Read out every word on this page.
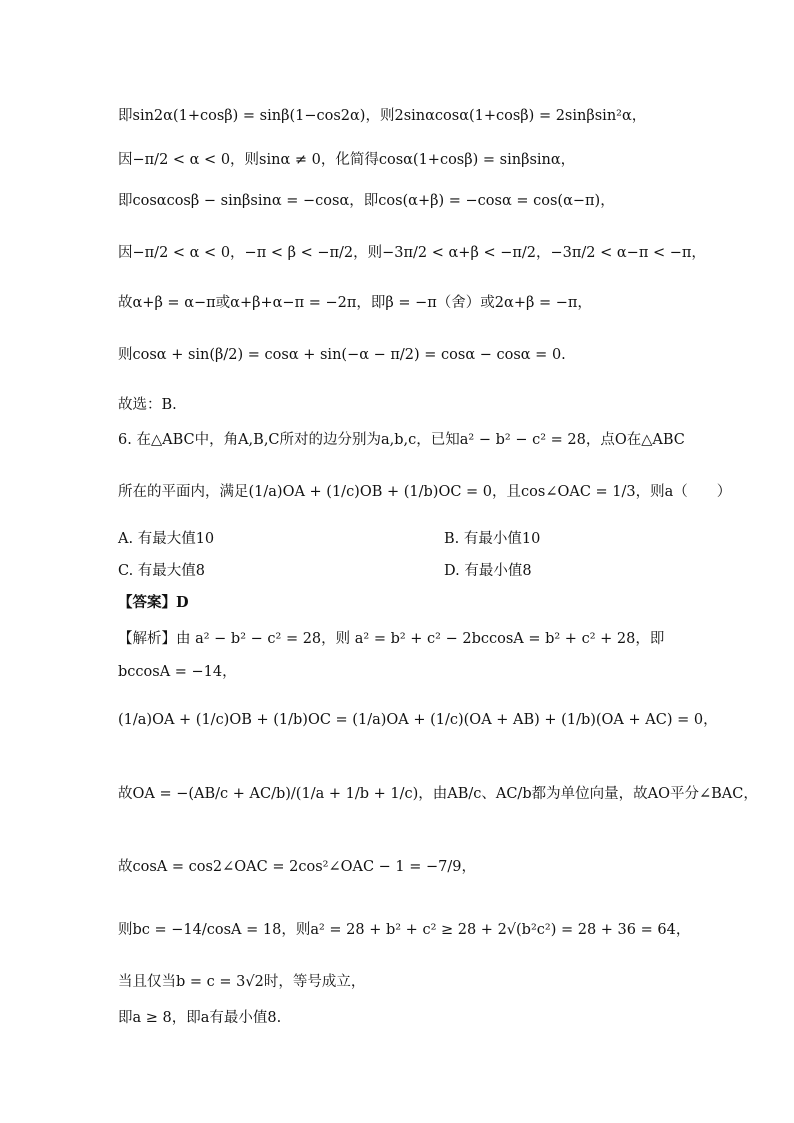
即sin2α(1+cosβ) = sinβ(1−cos2α)，则2sinαcosα(1+cosβ) = 2sinβsin²α，
因−π/2 < α < 0，则sinα ≠ 0，化简得cosα(1+cosβ) = sinβsinα，
即cosαcosβ − sinβsinα = −cosα，即cos(α+β) = −cosα = cos(α−π)，
因−π/2 < α < 0，−π < β < −π/2，则−3π/2 < α+β < −π/2，−3π/2 < α−π < −π，
故α+β = α−π或α+β+α−π = −2π，即β = −π（舍）或2α+β = −π，
则cosα + sin(β/2) = cosα + sin(−α − π/2) = cosα − cosα = 0.
故选：B.
6. 在△ABC中，角A,B,C所对的边分别为a,b,c，已知a² − b² − c² = 28，点O在△ABC
所在的平面内，满足(1/a)OA + (1/c)OB + (1/b)OC = 0，且cos∠OAC = 1/3，则a（　　）
A. 有最大值10	B. 有最小值10
C. 有最大值8	D. 有最小值8
【答案】D
【解析】由 a² − b² − c² = 28，则 a² = b² + c² − 2bccosA = b² + c² + 28，即
bccosA = −14，
(1/a)OA + (1/c)OB + (1/b)OC = (1/a)OA + (1/c)(OA + AB) + (1/b)(OA + AC) = 0，
故OA = −(AB/c + AC/b)/(1/a + 1/b + 1/c)，由AB/c、AC/b都为单位向量，故AO平分∠BAC，
故cosA = cos2∠OAC = 2cos²∠OAC − 1 = −7/9，
则bc = −14/cosA = 18，则a² = 28 + b² + c² ≥ 28 + 2√(b²c²) = 28 + 36 = 64，
当且仅当b = c = 3√2时，等号成立，
即a ≥ 8，即a有最小值8.
